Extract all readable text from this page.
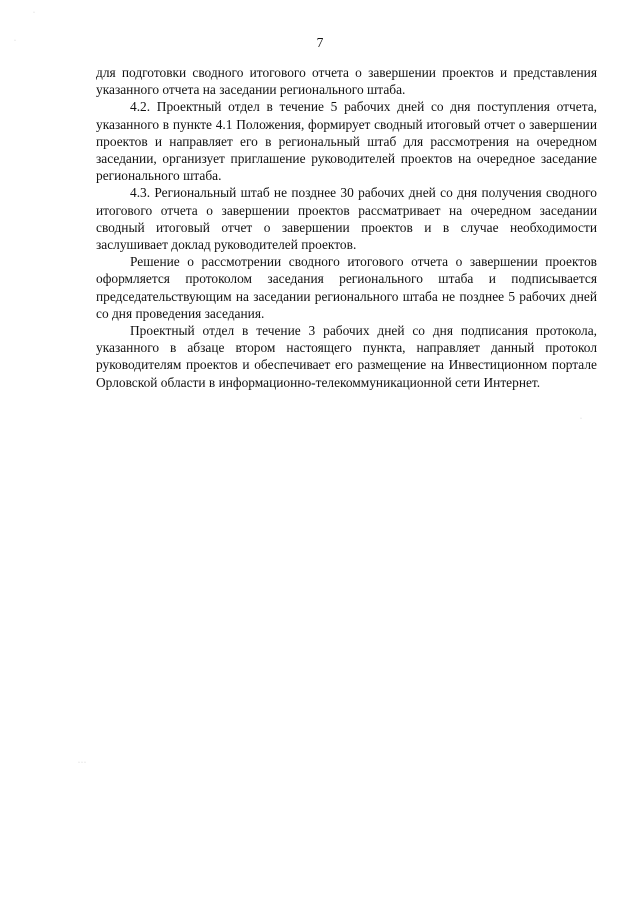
·
·
·
···
7

для подготовки сводного итогового отчета о завершении проектов и представления указанного отчета на заседании регионального штаба.

4.2. Проектный отдел в течение 5 рабочих дней со дня поступления отчета, указанного в пункте 4.1 Положения, формирует сводный итоговый отчет о завершении проектов и направляет его в региональный штаб для рассмотрения на очередном заседании, организует приглашение руководителей проектов на очередное заседание регионального штаба.

4.3. Региональный штаб не позднее 30 рабочих дней со дня получения сводного итогового отчета о завершении проектов рассматривает на очередном заседании сводный итоговый отчет о завершении проектов и в случае необходимости заслушивает доклад руководителей проектов.

Решение о рассмотрении сводного итогового отчета о завершении проектов оформляется протоколом заседания регионального штаба и подписывается председательствующим на заседании регионального штаба не позднее 5 рабочих дней со дня проведения заседания.

Проектный отдел в течение 3 рабочих дней со дня подписания протокола, указанного в абзаце втором настоящего пункта, направляет данный протокол руководителям проектов и обеспечивает его размещение на Инвестиционном портале Орловской области в информационно-телекоммуникационной сети Интернет.
